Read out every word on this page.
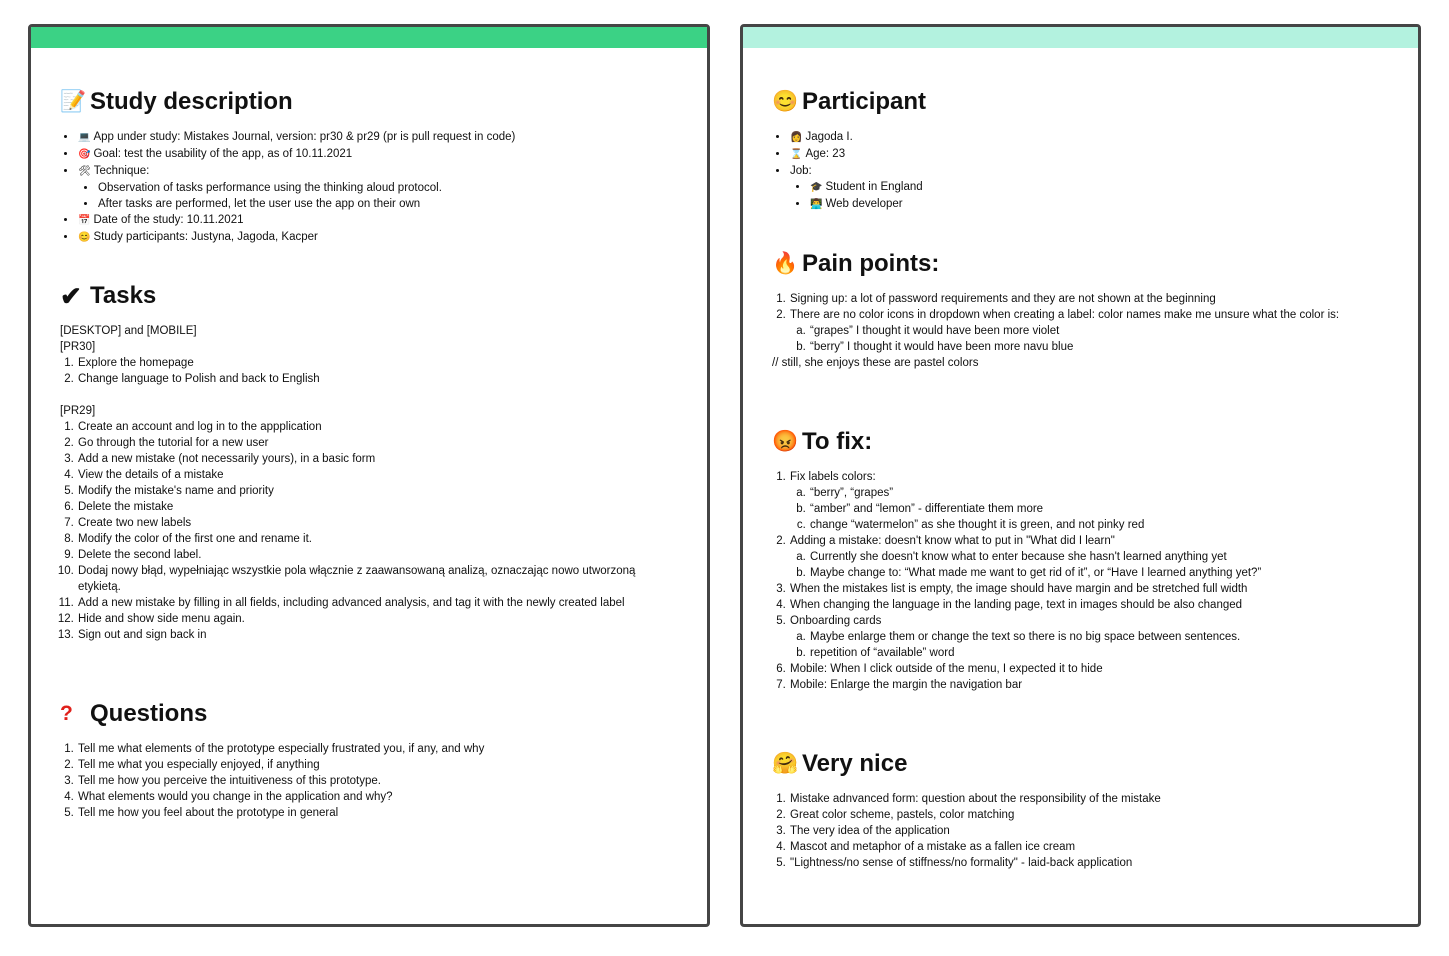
📝 Study description
• 💻 App under study: Mistakes Journal, version: pr30 & pr29 (pr is pull request in code)
• 🎯 Goal: test the usability of the app, as of 10.11.2021
• 🛠 Technique:
• Observation of tasks performance using the thinking aloud protocol.
• After tasks are performed, let the user use the app on their own
• 📅 Date of the study: 10.11.2021
• 😊 Study participants: Justyna, Jagoda, Kacper
✔ Tasks

[DESKTOP] and [MOBILE]

[PR30]

1. Explore the homepage
2. Change language to Polish and back to English

[PR29]

1. Create an account and log in to the appplication
2. Go through the tutorial for a new user
3. Add a new mistake (not necessarily yours), in a basic form
4. View the details of a mistake
5. Modify the mistake's name and priority
6. Delete the mistake
7. Create two new labels
8. Modify the color of the first one and rename it.
9. Delete the second label.
10. Dodaj nowy błąd, wypełniając wszystkie pola włącznie z zaawansowaną analizą, oznaczając nowo utworzoną etykietą.
11. Add a new mistake by filling in all fields, including advanced analysis, and tag it with the newly created label
12. Hide and show side menu again.
13. Sign out and sign back in
? Questions
1. Tell me what elements of the prototype especially frustrated you, if any, and why
2. Tell me what you especially enjoyed, if anything
3. Tell me how you perceive the intuitiveness of this prototype.
4. What elements would you change in the application and why?
5. Tell me how you feel about the prototype in general
😊 Participant
• 👩 Jagoda I.
• ⌛ Age: 23
• Job:
• 🎓 Student in England
• 👨‍💻 Web developer
🔥 Pain points:
1. Signing up: a lot of password requirements and they are not shown at the beginning
2. There are no color icons in dropdown when creating a label: color names make me unsure what the color is:
a. “grapes” I thought it would have been more violet
b. “berry” I thought it would have been more navu blue

// still, she enjoys these are pastel colors

😡 To fix:
1. Fix labels colors:
a. “berry”, “grapes”
b. “amber” and “lemon” - differentiate them more
c. change “watermelon” as she thought it is green, and not pinky red
2. Adding a mistake: doesn't know what to put in "What did I learn"
a. Currently she doesn't know what to enter because she hasn't learned anything yet
b. Maybe change to: “What made me want to get rid of it”, or “Have I learned anything yet?”
3. When the mistakes list is empty, the image should have margin and be stretched full width
4. When changing the language in the landing page, text in images should be also changed
5. Onboarding cards
a. Maybe enlarge them or change the text so there is no big space between sentences.
b. repetition of “available” word
6. Mobile: When I click outside of the menu, I expected it to hide
7. Mobile: Enlarge the margin the navigation bar
🤗 Very nice
1. Mistake adnvanced form: question about the responsibility of the mistake
2. Great color scheme, pastels, color matching
3. The very idea of the application
4. Mascot and metaphor of a mistake as a fallen ice cream
5. "Lightness/no sense of stiffness/no formality" - laid-back application
